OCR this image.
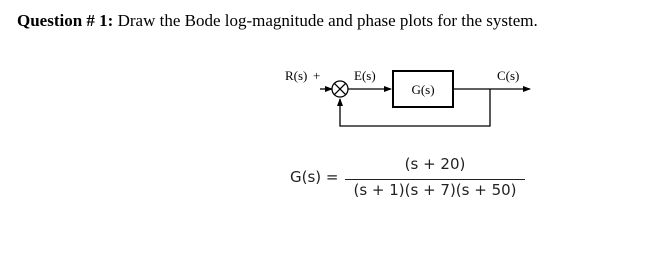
Question # 1: Draw the Bode log-magnitude and phase plots for the system.
R(s) +	E(s)
G(s)
C(s)
G(s) =
(s + 20)
(s + 1)(s + 7)(s + 50)
